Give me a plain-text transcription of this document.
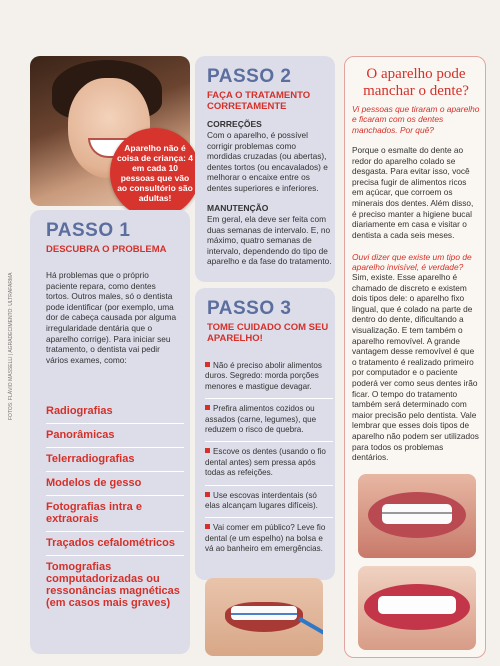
Aparelho não é coisa de criança: 4 em cada 10 pessoas que vão ao consultório são adultas!
PASSO 1
DESCUBRA O PROBLEMA
Há problemas que o próprio paciente repara, como dentes tortos. Outros males, só o dentista pode identificar (por exemplo, uma dor de cabeça causada por alguma irregularidade dentária que o aparelho corrige). Para iniciar seu tratamento, o dentista vai pedir vários exames, como:
Radiografias
Panorâmicas
Telerradiografias
Modelos de gesso
Fotografias intra e extraorais
Traçados cefalométricos
Tomografias computadorizadas ou ressonâncias magnéticas (em casos mais graves)
PASSO 2
FAÇA O TRATAMENTO CORRETAMENTE
CORREÇÕES
Com o aparelho, é possível corrigir problemas como mordidas cruzadas (ou abertas), dentes tortos (ou encavalados) e melhorar o encaixe entre os dentes superiores e inferiores.
MANUTENÇÃO
Em geral, ela deve ser feita com duas semanas de intervalo. E, no máximo, quatro semanas de intervalo, dependendo do tipo de aparelho e da fase do tratamento.
PASSO 3
TOME CUIDADO COM SEU APARELHO!
Não é preciso abolir alimentos duros. Segredo: morda porções menores e mastigue devagar.
Prefira alimentos cozidos ou assados (carne, legumes), que reduzem o risco de quebra.
Escove os dentes (usando o fio dental antes) sem pressa após todas as refeições.
Use escovas interdentais (só elas alcançam lugares difíceis).
Vai comer em público? Leve fio dental (e um espelho) na bolsa e vá ao banheiro em emergências.
O aparelho pode manchar o dente?
Vi pessoas que tiraram o aparelho e ficaram com os dentes manchados. Por quê?
Porque o esmalte do dente ao redor do aparelho colado se desgasta. Para evitar isso, você precisa fugir de alimentos ricos em açúcar, que corroem os minerais dos dentes. Além disso, é preciso manter a higiene bucal diariamente em casa e visitar o dentista a cada seis meses.
Ouvi dizer que existe um tipo de aparelho invisível, é verdade?
Sim, existe. Esse aparelho é chamado de discreto e existem dois tipos dele: o aparelho fixo lingual, que é colado na parte de dentro do dente, dificultando a visualização. E tem também o aparelho removível. A grande vantagem desse removível é que o tratamento é realizado primeiro por computador e o paciente poderá ver como seus dentes irão ficar. O tempo do tratamento também será determinado com maior precisão pelo dentista. Vale lembrar que esses dois tipos de aparelho não podem ser utilizados para todos os problemas dentários.
FOTOS: FLÁVIO MASSELLI | AGRADECIMENTO: ULTRAFARMA
